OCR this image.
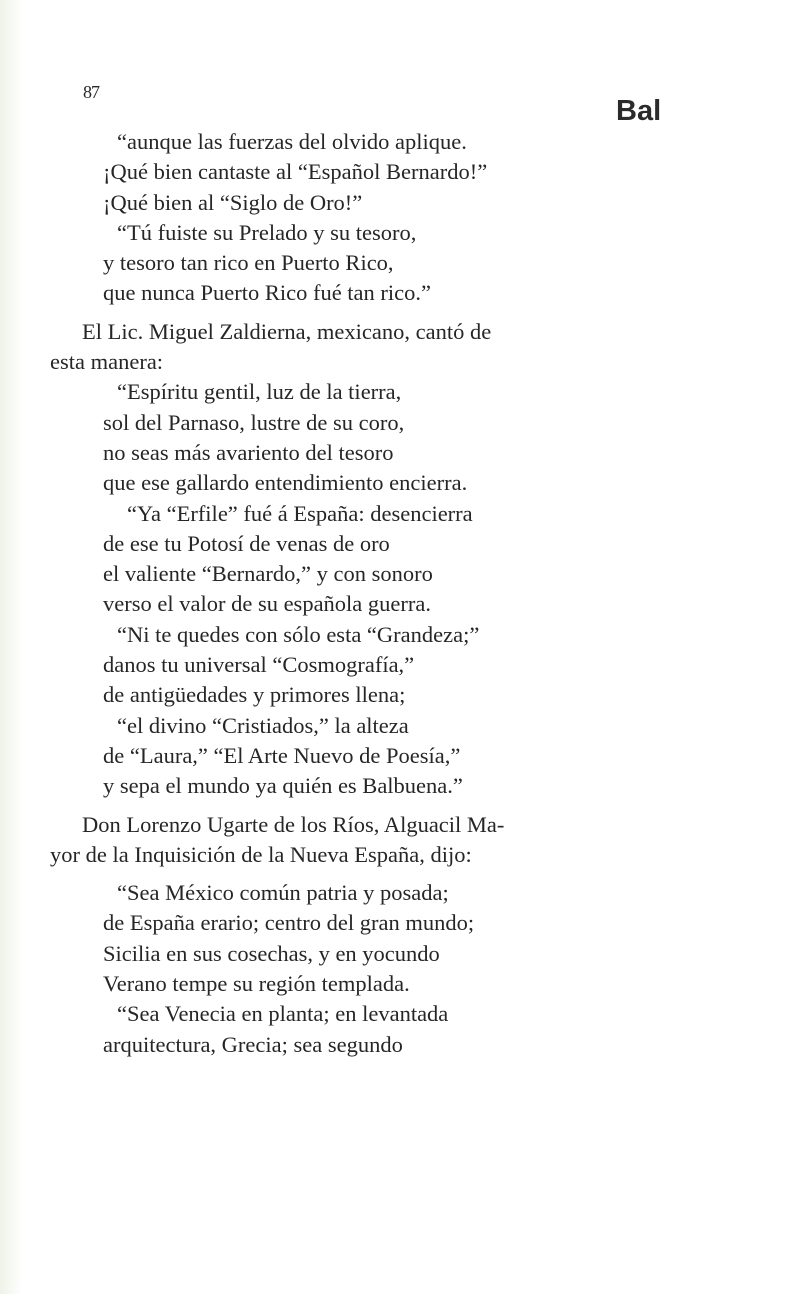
87
Bal
“aunque las fuerzas del olvido aplique.
¡Qué bien cantaste al “Español Bernardo!”
¡Qué bien al “Siglo de Oro!”
“Tú fuiste su Prelado y su tesoro,
y tesoro tan rico en Puerto Rico,
que nunca Puerto Rico fué tan rico.”
El Lic. Miguel Zaldierna, mexicano, cantó de
esta manera:
“Espíritu gentil, luz de la tierra,
sol del Parnaso, lustre de su coro,
no seas más avariento del tesoro
que ese gallardo entendimiento encierra.
“Ya “Erfile” fué á España: desencierra
de ese tu Potosí de venas de oro
el valiente “Bernardo,” y con sonoro
verso el valor de su española guerra.
“Ni te quedes con sólo esta “Grandeza;”
danos tu universal “Cosmografía,”
de antigüedades y primores llena;
“el divino “Cristiados,” la alteza
de “Laura,” “El Arte Nuevo de Poesía,”
y sepa el mundo ya quién es Balbuena.”
Don Lorenzo Ugarte de los Ríos, Alguacil Ma-
yor de la Inquisición de la Nueva España, dijo:
“Sea México común patria y posada;
de España erario; centro del gran mundo;
Sicilia en sus cosechas, y en yocundo
Verano tempe su región templada.
“Sea Venecia en planta; en levantada
arquitectura, Grecia; sea segundo
